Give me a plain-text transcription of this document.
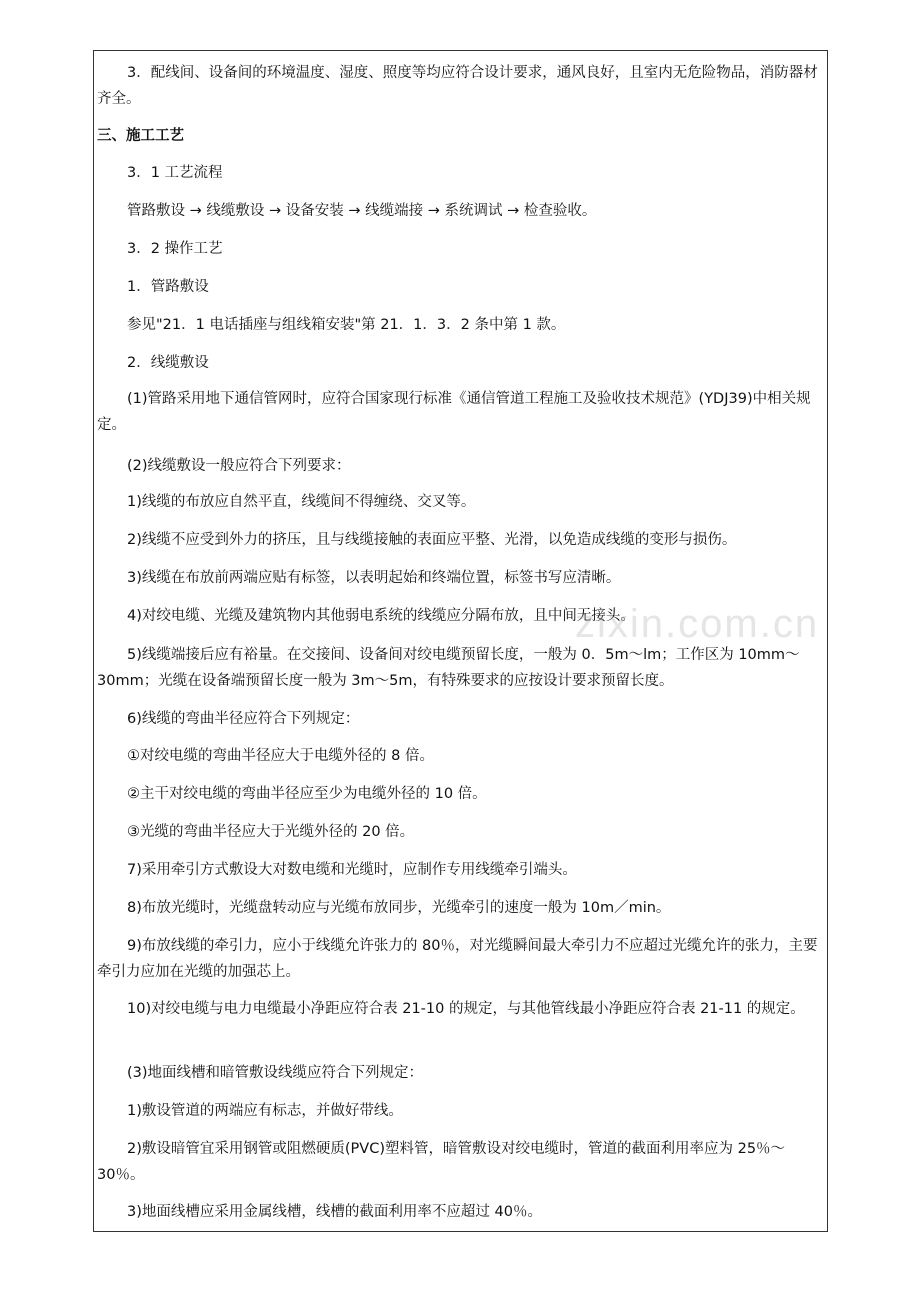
3．配线间、设备间的环境温度、湿度、照度等均应符合设计要求，通风良好，且室内无危险物品，消防器材齐全。

三、施工工艺

3．1 工艺流程

管路敷设 → 线缆敷设 → 设备安装 → 线缆端接 → 系统调试 → 检查验收。

3．2 操作工艺

1．管路敷设

参见"21．1 电话插座与组线箱安装"第 21．1．3．2 条中第 1 款。

2．线缆敷设

(1)管路采用地下通信管网时，应符合国家现行标准《通信管道工程施工及验收技术规范》(YDJ39)中相关规定。

(2)线缆敷设一般应符合下列要求：

1)线缆的布放应自然平直，线缆间不得缠绕、交叉等。

2)线缆不应受到外力的挤压，且与线缆接触的表面应平整、光滑，以免造成线缆的变形与损伤。

3)线缆在布放前两端应贴有标签，以表明起始和终端位置，标签书写应清晰。

4)对绞电缆、光缆及建筑物内其他弱电系统的线缆应分隔布放，且中间无接头。

5)线缆端接后应有裕量。在交接间、设备间对绞电缆预留长度，一般为 0．5m～lm；工作区为 10mm～30mm；光缆在设备端预留长度一般为 3m～5m，有特殊要求的应按设计要求预留长度。

6)线缆的弯曲半径应符合下列规定：

①对绞电缆的弯曲半径应大于电缆外径的 8 倍。

②主干对绞电缆的弯曲半径应至少为电缆外径的 10 倍。

③光缆的弯曲半径应大于光缆外径的 20 倍。

7)采用牵引方式敷设大对数电缆和光缆时，应制作专用线缆牵引端头。

8)布放光缆时，光缆盘转动应与光缆布放同步，光缆牵引的速度一般为 10m／min。

9)布放线缆的牵引力，应小于线缆允许张力的 80％，对光缆瞬间最大牵引力不应超过光缆允许的张力，主要牵引力应加在光缆的加强芯上。

10)对绞电缆与电力电缆最小净距应符合表 21-10 的规定，与其他管线最小净距应符合表 21-11 的规定。

(3)地面线槽和暗管敷设线缆应符合下列规定：

1)敷设管道的两端应有标志，并做好带线。

2)敷设暗管宜采用钢管或阻燃硬质(PVC)塑料管，暗管敷设对绞电缆时，管道的截面利用率应为 25％～30％。

3)地面线槽应采用金属线槽，线槽的截面利用率不应超过 40％。

zixin.com.cn
